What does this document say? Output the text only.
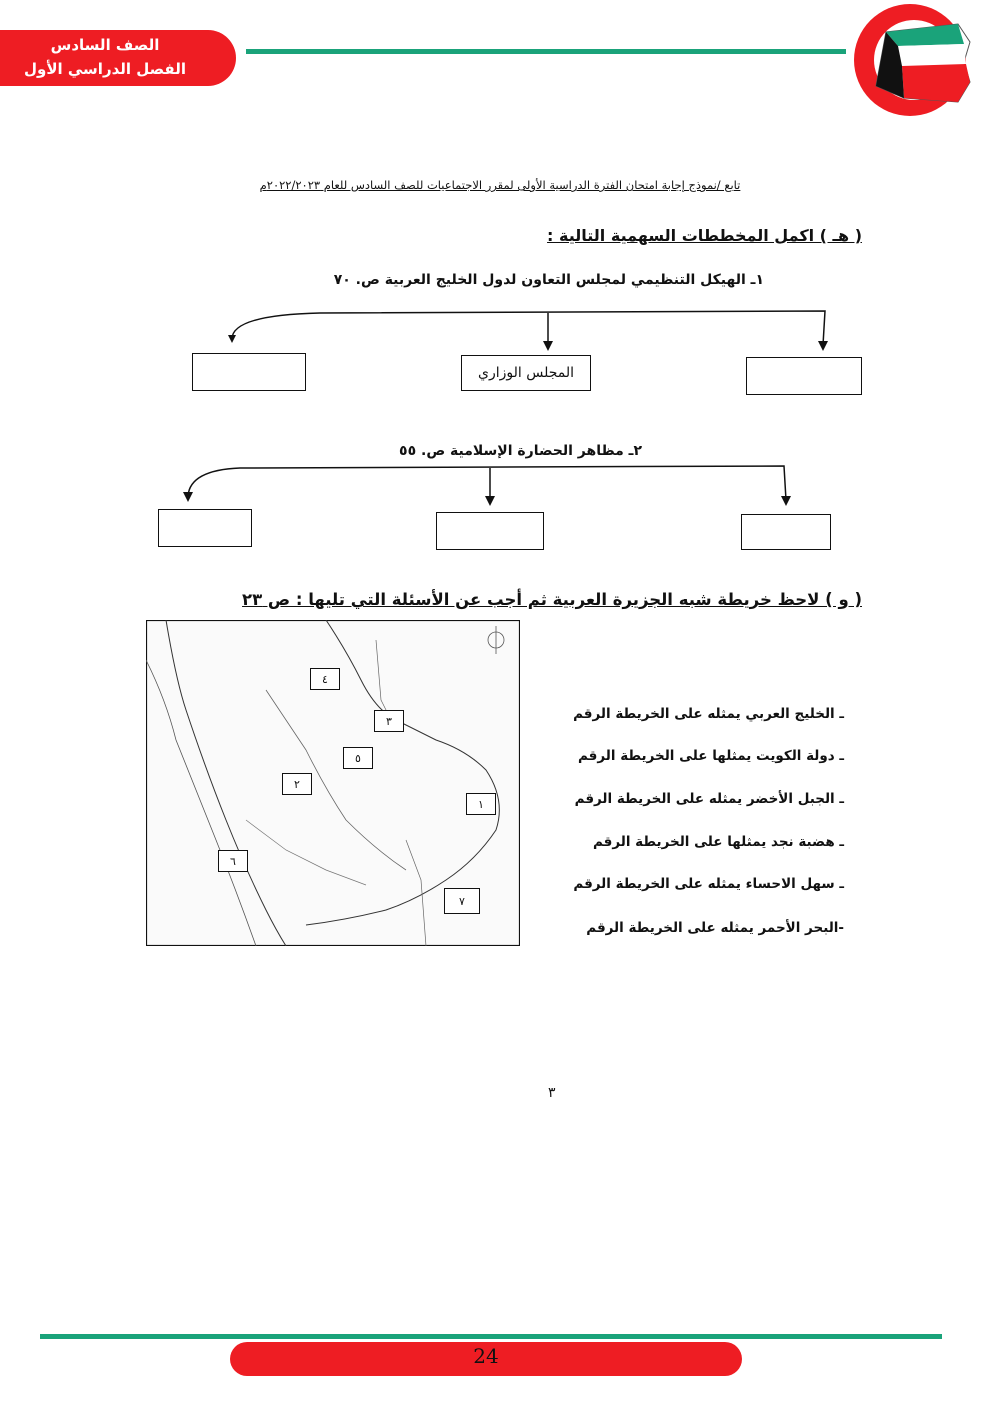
الصف السادس
الفصل الدراسي الأول
تابع /نموذج إجابة امتحان الفترة الدراسية الأولى لمقرر الاجتماعيات للصف السادس للعام ٢٠٢٢/٢٠٢٣م
( هـ ) اكمل المخططات السهمية التالية :
١ـ الهيكل التنظيمي لمجلس التعاون لدول الخليج العربية ص. ٧٠
المجلس الوزاري
٢ـ مظاهر الحضارة الإسلامية ص. ٥٥
( و ) لاحظ خريطة شبه الجزيرة العربية ثم أجب عن الأسئلة التي تليها : ص ٢٣
٤
٣
٥
٢
١
٦
٧
ـ الخليج العربي يمثله على الخريطة الرقم
ـ دولة الكويت يمثلها على الخريطة الرقم
ـ الجبل الأخضر يمثله على الخريطة الرقم
ـ هضبة نجد يمثلها على الخريطة الرقم
ـ سهل الاحساء يمثله على الخريطة الرقم
-البحر الأحمر يمثله على الخريطة الرقم
٣
24
